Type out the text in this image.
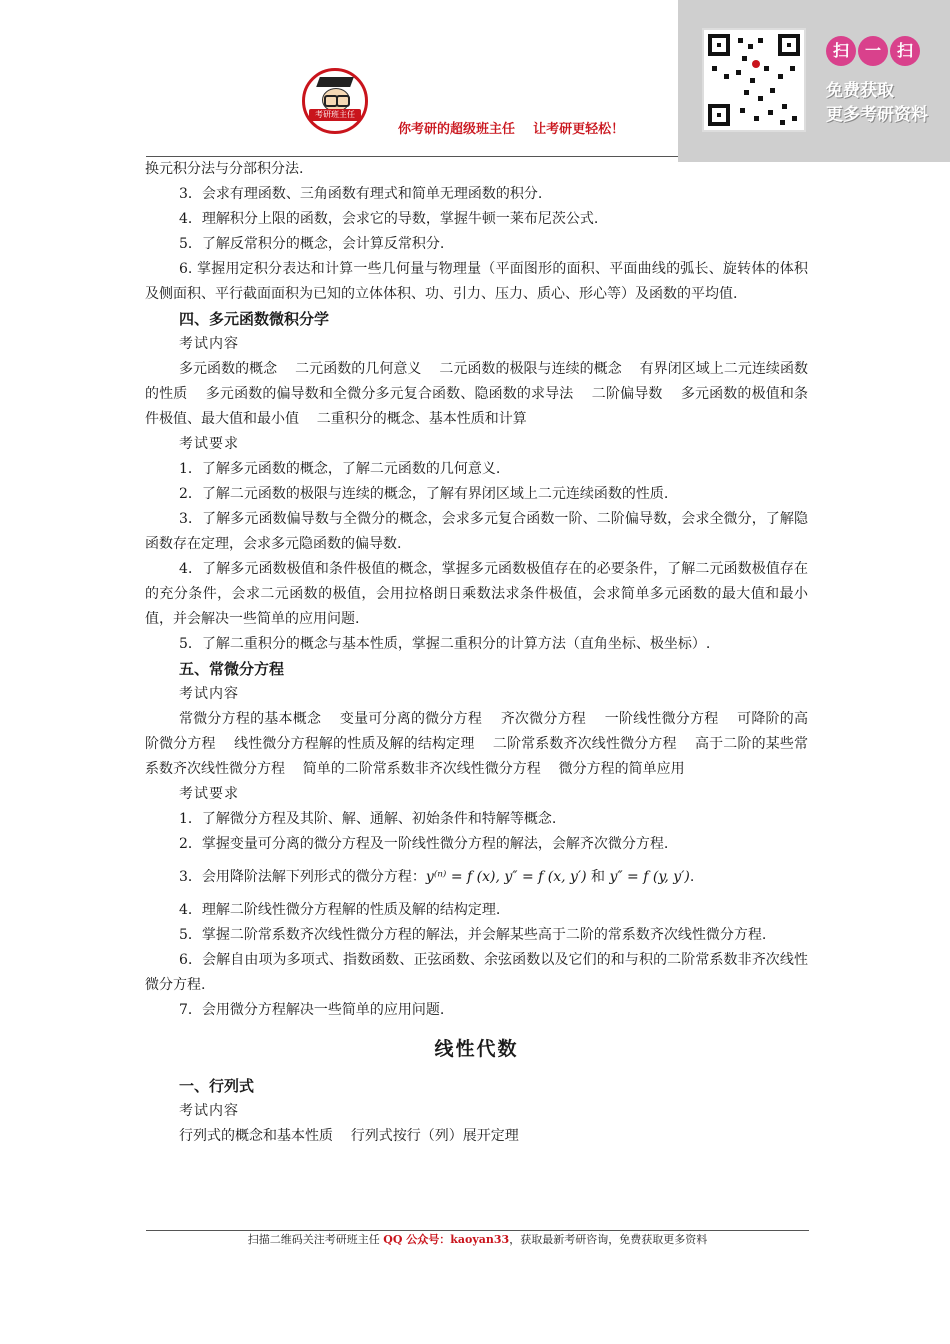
考研班主任
你考研的超级班主任    让考研更轻松！
扫 一 扫
免费获取
更多考研资料

换元积分法与分部积分法.

3．会求有理函数、三角函数有理式和简单无理函数的积分.

4．理解积分上限的函数，会求它的导数，掌握牛顿一莱布尼茨公式.

5．了解反常积分的概念，会计算反常积分.

6. 掌握用定积分表达和计算一些几何量与物理量（平面图形的面积、平面曲线的弧长、旋转体的体积及侧面积、平行截面面积为已知的立体体积、功、引力、压力、质心、形心等）及函数的平均值.

四、多元函数微积分学

考试内容

多元函数的概念    二元函数的几何意义    二元函数的极限与连续的概念    有界闭区域上二元连续函数的性质    多元函数的偏导数和全微分多元复合函数、隐函数的求导法    二阶偏导数    多元函数的极值和条件极值、最大值和最小值    二重积分的概念、基本性质和计算

考试要求

1．了解多元函数的概念，了解二元函数的几何意义.

2．了解二元函数的极限与连续的概念，了解有界闭区域上二元连续函数的性质.

3．了解多元函数偏导数与全微分的概念，会求多元复合函数一阶、二阶偏导数，会求全微分，了解隐函数存在定理，会求多元隐函数的偏导数.

4．了解多元函数极值和条件极值的概念，掌握多元函数极值存在的必要条件，了解二元函数极值存在的充分条件，会求二元函数的极值，会用拉格朗日乘数法求条件极值，会求简单多元函数的最大值和最小值，并会解决一些简单的应用问题.

5．了解二重积分的概念与基本性质，掌握二重积分的计算方法（直角坐标、极坐标）.

五、常微分方程

考试内容

常微分方程的基本概念    变量可分离的微分方程    齐次微分方程    一阶线性微分方程    可降阶的高阶微分方程    线性微分方程解的性质及解的结构定理    二阶常系数齐次线性微分方程    高于二阶的某些常系数齐次线性微分方程    简单的二阶常系数非齐次线性微分方程    微分方程的简单应用

考试要求

1．了解微分方程及其阶、解、通解、初始条件和特解等概念.

2．掌握变量可分离的微分方程及一阶线性微分方程的解法，会解齐次微分方程.

3．会用降阶法解下列形式的微分方程：y⁽ⁿ⁾ = f (x), y″ = f (x, y′) 和 y″ = f (y, y′).

4．理解二阶线性微分方程解的性质及解的结构定理.

5．掌握二阶常系数齐次线性微分方程的解法，并会解某些高于二阶的常系数齐次线性微分方程.

6．会解自由项为多项式、指数函数、正弦函数、余弦函数以及它们的和与积的二阶常系数非齐次线性微分方程.

7．会用微分方程解决一些简单的应用问题.

线性代数

一、行列式

考试内容

行列式的概念和基本性质    行列式按行（列）展开定理

扫描二维码关注考研班主任 QQ 公众号：kaoyan33，获取最新考研咨询，免费获取更多资料
